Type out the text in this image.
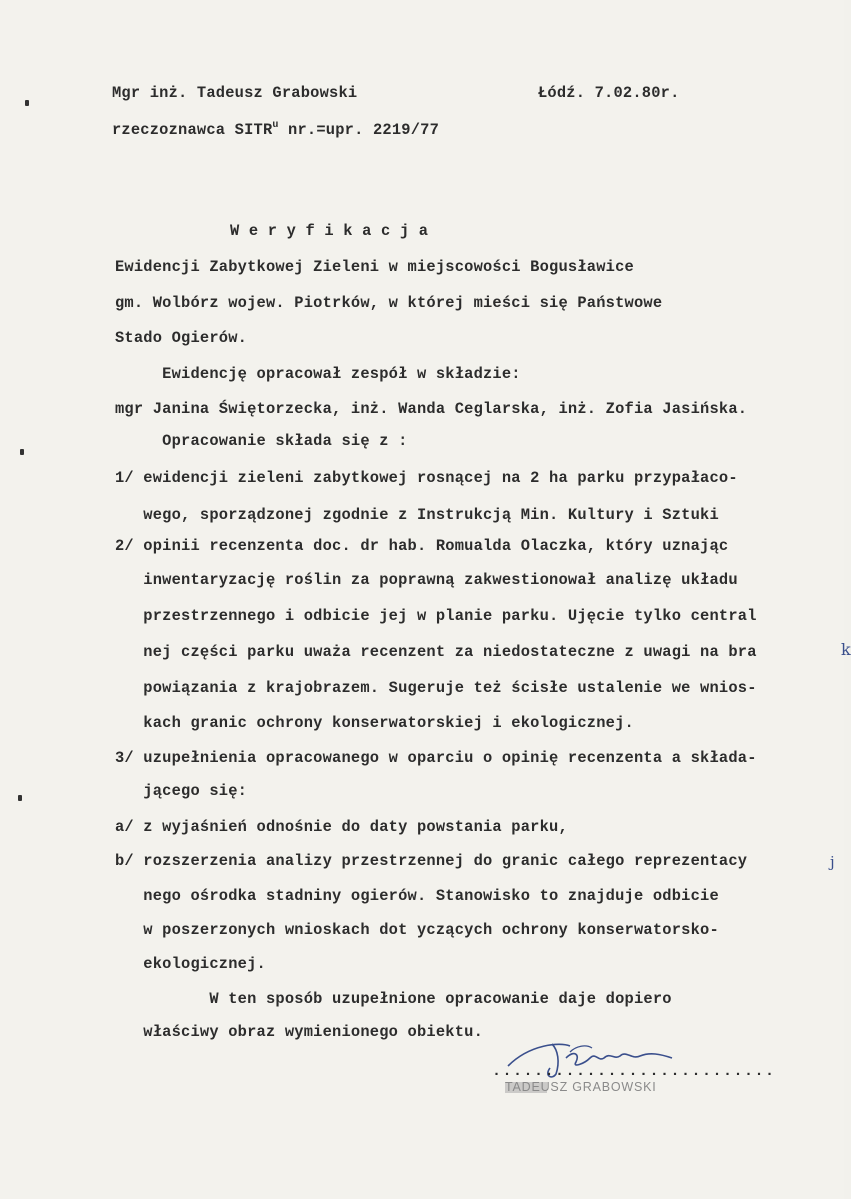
Mgr inż. Tadeusz Grabowski	Łódź. 7.02.80r.
rzeczoznawca SITR$^u$ nr.=upr. 2219/77
W e r y f i k a c j a
Ewidencji Zabytkowej Zieleni w miejscowości Bogusławice
gm. Wolbórz wojew. Piotrków, w której mieści się Państwowe
Stado Ogierów.
Ewidencję opracował zespół w składzie:
mgr Janina Świętorzecka, inż. Wanda Ceglarska, inż. Zofia Jasińska.
Opracowanie składa się z :
1/ ewidencji zieleni zabytkowej rosnącej na 2 ha parku przypałaco-
wego, sporządzonej zgodnie z Instrukcją Min. Kultury i Sztuki
2/ opinii recenzenta doc. dr hab. Romualda Olaczka, który uznając
inwentaryzację roślin za poprawną zakwestionował analizę układu
przestrzennego i odbicie jej w planie parku. Ujęcie tylko central
nej części parku uważa recenzent za niedostateczne z uwagi na bra
powiązania z krajobrazem. Sugeruje też ścisłe ustalenie we wnios-
kach granic ochrony konserwatorskiej i ekologicznej.
3/ uzupełnienia opracowanego w oparciu o opinię recenzenta a składa-
jącego się:
a/ z wyjaśnień odnośnie do daty powstania parku,
b/ rozszerzenia analizy przestrzennej do granic całego reprezentacy
nego ośrodka stadniny ogierów. Stanowisko to znajduje odbicie
w poszerzonych wnioskach dot yczących ochrony konserwatorsko-
ekologicznej.
W ten sposób uzupełnione opracowanie daje dopiero
właściwy obraz wymienionego obiektu.
k
j
...........................
TADEUSZ GRABOWSKI
